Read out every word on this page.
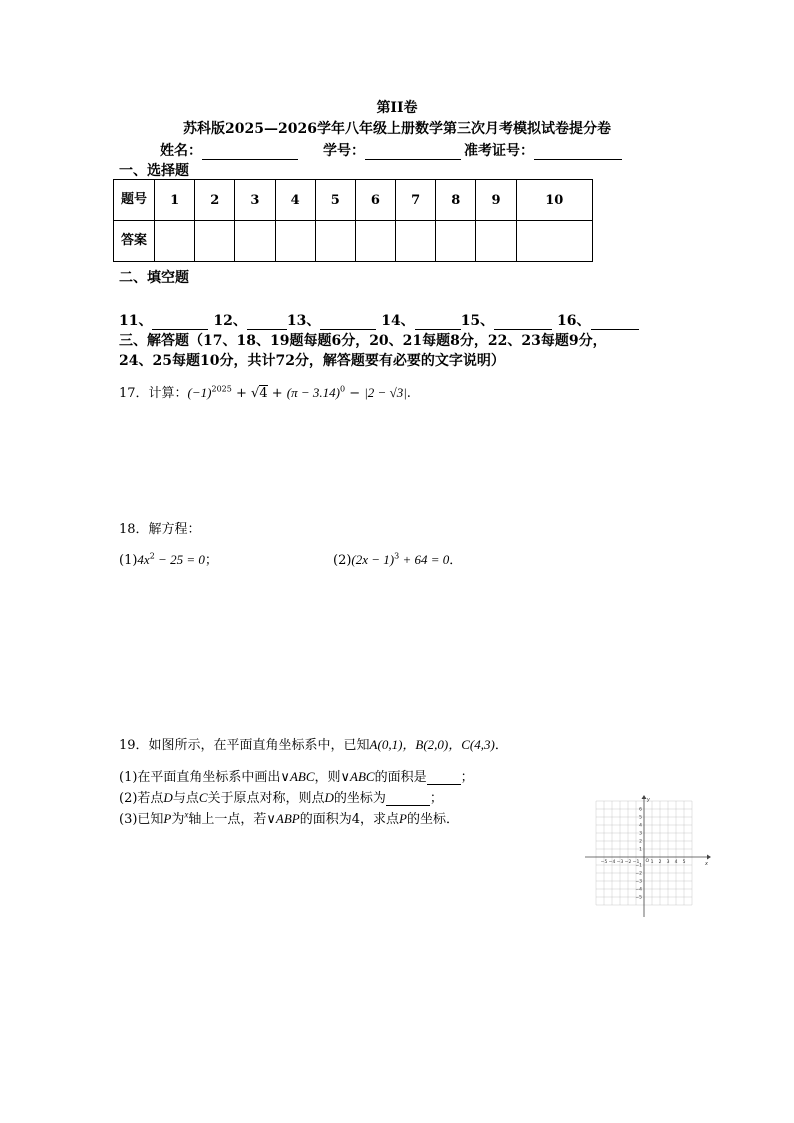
第II卷
苏科版2025—2026学年八年级上册数学第三次月考模拟试卷提分卷
姓名：	学号：	准考证号：
一、选择题
题号	1	2	3	4	5	6	7	8	9	10
答案										
二、填空题
11、	12、	13、	14、	15、	16、
三、解答题（17、18、19题每题6分，20、21每题8分，22、23每题9分，
24、25每题10分，共计72分，解答题要有必要的文字说明）
17．计算：$(-1)^{2025} + √4 + (\pi - 3.14)^0 - |2 - √3|$.
18．解方程：
$(1)4x^2 - 25 = 0$；	$(2)(2x - 1)^3 + 64 = 0$．
19．如图所示，在平面直角坐标系中，已知A(0,1)，B(2,0)，C(4,3)．
(1)在平面直角坐标系中画出∨ABC，则∨ABC的面积是	；
(2)若点D与点C关于原点对称，则点D的坐标为	；
(3)已知P为$^x$轴上一点，若∨ABP的面积为4，求点P的坐标．
x
y
O
−5 −4 −3 −2 −1 1 2 3 4 5
6
5
4
3
2
1
−1
−2
−3
−4
−5
